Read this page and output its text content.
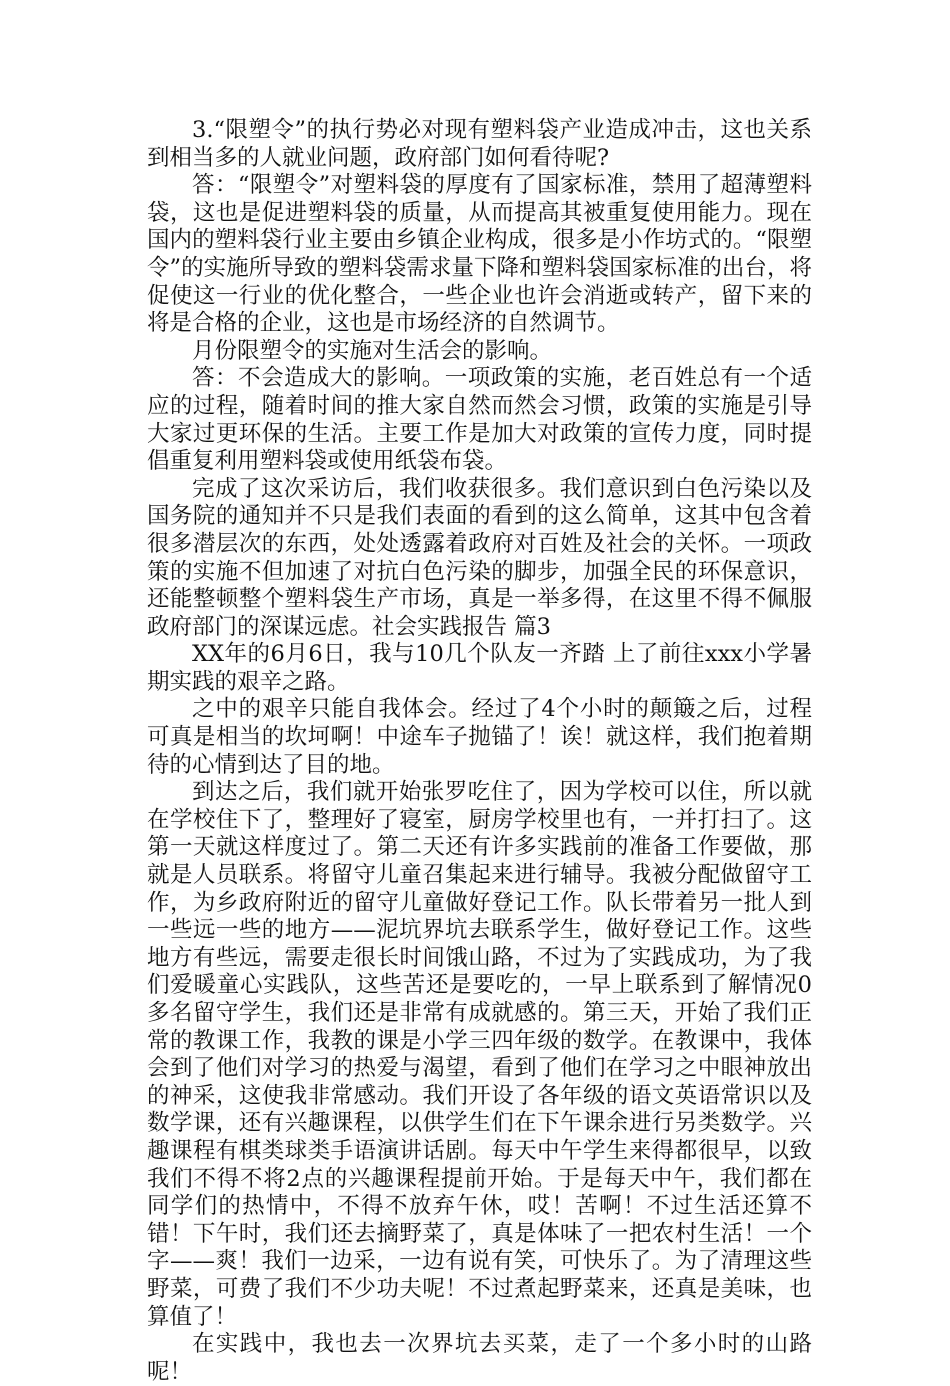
3.“限塑令”的执行势必对现有塑料袋产业造成冲击，这也关系到相当多的人就业问题，政府部门如何看待呢?

答：“限塑令”对塑料袋的厚度有了国家标准，禁用了超薄塑料袋，这也是促进塑料袋的质量，从而提高其被重复使用能力。现在国内的塑料袋行业主要由乡镇企业构成，很多是小作坊式的。“限塑令”的实施所导致的塑料袋需求量下降和塑料袋国家标准的出台，将促使这一行业的优化整合，一些企业也许会消逝或转产，留下来的将是合格的企业，这也是市场经济的自然调节。

月份限塑令的实施对生活会的影响。

答：不会造成大的影响。一项政策的实施，老百姓总有一个适应的过程，随着时间的推大家自然而然会习惯，政策的实施是引导大家过更环保的生活。主要工作是加大对政策的宣传力度，同时提倡重复利用塑料袋或使用纸袋布袋。

完成了这次采访后，我们收获很多。我们意识到白色污染以及国务院的通知并不只是我们表面的看到的这么简单，这其中包含着很多潜层次的东西，处处透露着政府对百姓及社会的关怀。一项政策的实施不但加速了对抗白色污染的脚步，加强全民的环保意识，还能整顿整个塑料袋生产市场，真是一举多得，在这里不得不佩服政府部门的深谋远虑。社会实践报告 篇3

XX年的6月6日，我与10几个队友一齐踏 上了前往xxx小学暑期实践的艰辛之路。

之中的艰辛只能自我体会。经过了4个小时的颠簸之后，过程可真是相当的坎坷啊！中途车子抛锚了！诶！就这样，我们抱着期待的心情到达了目的地。

到达之后，我们就开始张罗吃住了，因为学校可以住，所以就在学校住下了，整理好了寝室，厨房学校里也有，一并打扫了。这第一天就这样度过了。第二天还有许多实践前的准备工作要做，那就是人员联系。将留守儿童召集起来进行辅导。我被分配做留守工作，为乡政府附近的留守儿童做好登记工作。队长带着另一批人到一些远一些的地方——泥坑界坑去联系学生，做好登记工作。这些地方有些远，需要走很长时间饿山路，不过为了实践成功，为了我们爱暖童心实践队，这些苦还是要吃的，一早上联系到了解情况0多名留守学生，我们还是非常有成就感的。第三天，开始了我们正常的教课工作，我教的课是小学三四年级的数学。在教课中，我体会到了他们对学习的热爱与渴望，看到了他们在学习之中眼神放出的神采，这使我非常感动。我们开设了各年级的语文英语常识以及数学课，还有兴趣课程，以供学生们在下午课余进行另类数学。兴趣课程有棋类球类手语演讲话剧。每天中午学生来得都很早，以致我们不得不将2点的兴趣课程提前开始。于是每天中午，我们都在同学们的热情中，不得不放弃午休，哎！苦啊！不过生活还算不错！下午时，我们还去摘野菜了，真是体味了一把农村生活！一个字——爽！我们一边采，一边有说有笑，可快乐了。为了清理这些野菜，可费了我们不少功夫呢！不过煮起野菜来，还真是美味，也算值了！

在实践中，我也去一次界坑去买菜，走了一个多小时的山路呢！
